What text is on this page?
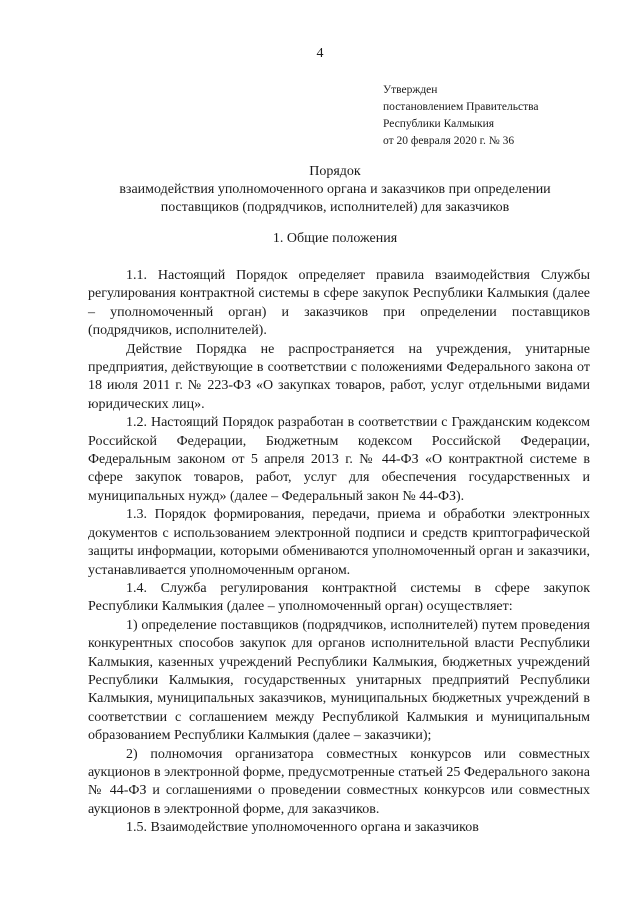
4
Утвержден
постановлением Правительства
Республики Калмыкия
от 20 февраля 2020 г. № 36
Порядок
взаимодействия уполномоченного органа и заказчиков при определении
поставщиков (подрядчиков, исполнителей) для заказчиков
1. Общие положения

1.1. Настоящий Порядок определяет правила взаимодействия Службы регулирования контрактной системы в сфере закупок Республики Калмыкия (далее – уполномоченный орган) и заказчиков при определении поставщиков (подрядчиков, исполнителей).

Действие Порядка не распространяется на учреждения, унитарные предприятия, действующие в соответствии с положениями Федерального закона от 18 июля 2011 г. № 223-ФЗ «О закупках товаров, работ, услуг отдельными видами юридических лиц».

1.2. Настоящий Порядок разработан в соответствии с Гражданским кодексом Российской Федерации, Бюджетным кодексом Российской Федерации, Федеральным законом от 5 апреля 2013 г. № 44-ФЗ «О контрактной системе в сфере закупок товаров, работ, услуг для обеспечения государственных и муниципальных нужд» (далее – Федеральный закон № 44-ФЗ).

1.3. Порядок формирования, передачи, приема и обработки электронных документов с использованием электронной подписи и средств криптографической защиты информации, которыми обмениваются уполномоченный орган и заказчики, устанавливается уполномоченным органом.

1.4. Служба регулирования контрактной системы в сфере закупок Республики Калмыкия (далее – уполномоченный орган) осуществляет:

1) определение поставщиков (подрядчиков, исполнителей) путем проведения конкурентных способов закупок для органов исполнительной власти Республики Калмыкия, казенных учреждений Республики Калмыкия, бюджетных учреждений Республики Калмыкия, государственных унитарных предприятий Республики Калмыкия, муниципальных заказчиков, муниципальных бюджетных учреждений в соответствии с соглашением между Республикой Калмыкия и муниципальным образованием Республики Калмыкия (далее – заказчики);

2) полномочия организатора совместных конкурсов или совместных аукционов в электронной форме, предусмотренные статьей 25 Федерального закона № 44-ФЗ и соглашениями о проведении совместных конкурсов или совместных аукционов в электронной форме, для заказчиков.

1.5. Взаимодействие уполномоченного органа и заказчиков
